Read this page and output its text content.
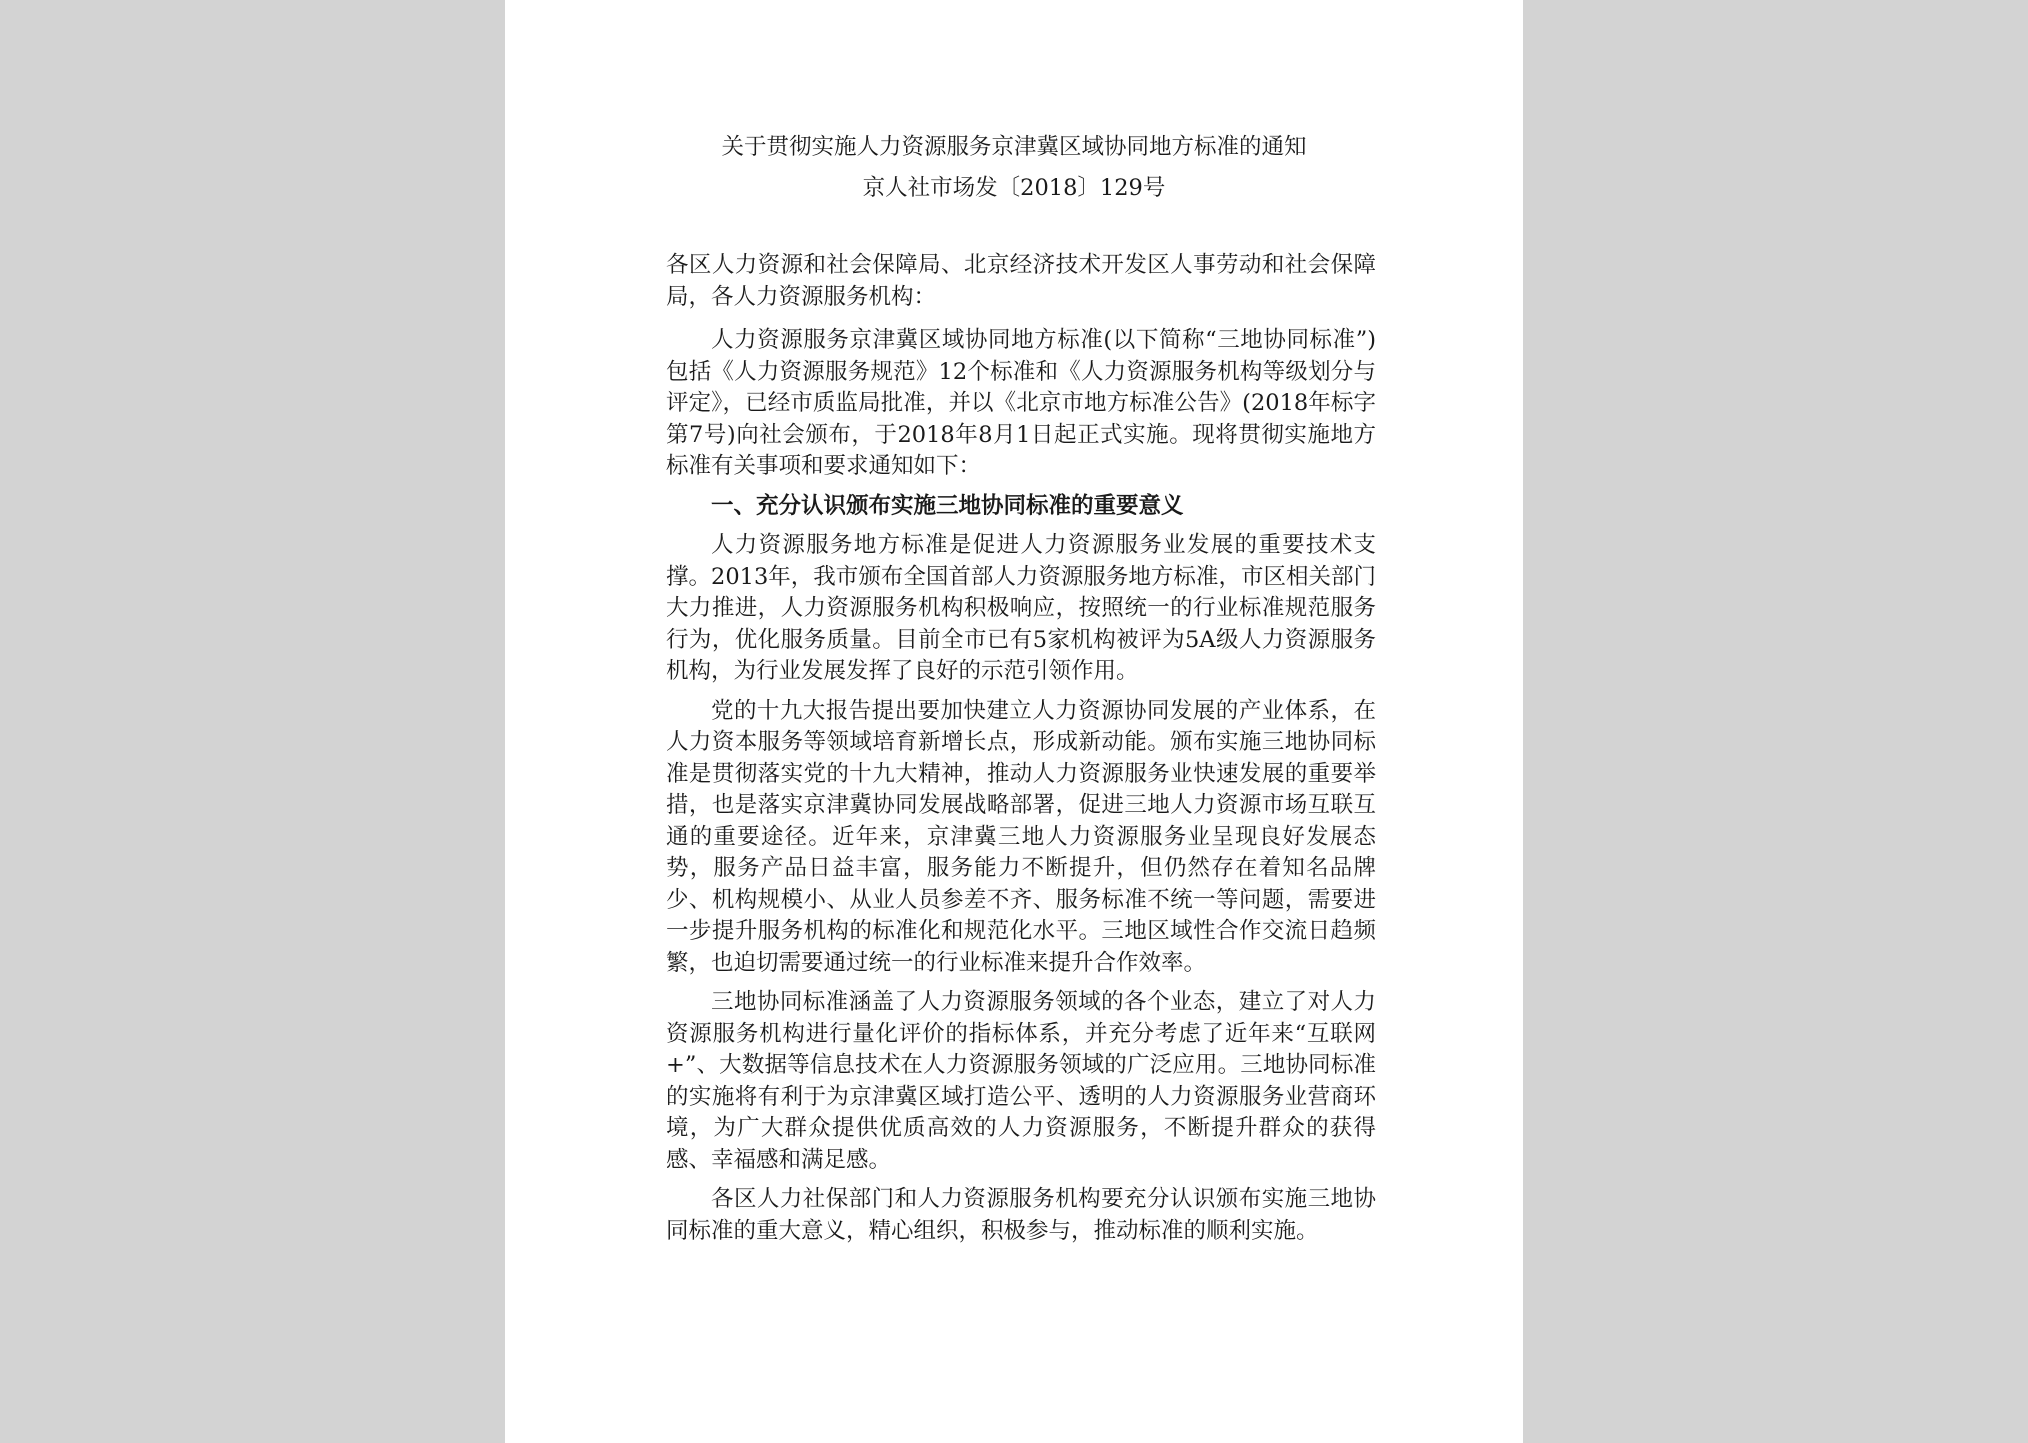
关于贯彻实施人力资源服务京津冀区域协同地方标准的通知
京人社市场发〔2018〕129号

各区人力资源和社会保障局、北京经济技术开发区人事劳动和社会保障局，各人力资源服务机构：

人力资源服务京津冀区域协同地方标准(以下简称“三地协同标准”)包括《人力资源服务规范》12个标准和《人力资源服务机构等级划分与评定》，已经市质监局批准，并以《北京市地方标准公告》(2018年标字第7号)向社会颁布，于2018年8月1日起正式实施。现将贯彻实施地方标准有关事项和要求通知如下：

一、充分认识颁布实施三地协同标准的重要意义

人力资源服务地方标准是促进人力资源服务业发展的重要技术支撑。2013年，我市颁布全国首部人力资源服务地方标准，市区相关部门大力推进，人力资源服务机构积极响应，按照统一的行业标准规范服务行为，优化服务质量。目前全市已有5家机构被评为5A级人力资源服务机构，为行业发展发挥了良好的示范引领作用。

党的十九大报告提出要加快建立人力资源协同发展的产业体系，在人力资本服务等领域培育新增长点，形成新动能。颁布实施三地协同标准是贯彻落实党的十九大精神，推动人力资源服务业快速发展的重要举措，也是落实京津冀协同发展战略部署，促进三地人力资源市场互联互通的重要途径。近年来，京津冀三地人力资源服务业呈现良好发展态势，服务产品日益丰富，服务能力不断提升，但仍然存在着知名品牌少、机构规模小、从业人员参差不齐、服务标准不统一等问题，需要进一步提升服务机构的标准化和规范化水平。三地区域性合作交流日趋频繁，也迫切需要通过统一的行业标准来提升合作效率。

三地协同标准涵盖了人力资源服务领域的各个业态，建立了对人力资源服务机构进行量化评价的指标体系，并充分考虑了近年来“互联网+”、大数据等信息技术在人力资源服务领域的广泛应用。三地协同标准的实施将有利于为京津冀区域打造公平、透明的人力资源服务业营商环境，为广大群众提供优质高效的人力资源服务，不断提升群众的获得感、幸福感和满足感。

各区人力社保部门和人力资源服务机构要充分认识颁布实施三地协同标准的重大意义，精心组织，积极参与，推动标准的顺利实施。
